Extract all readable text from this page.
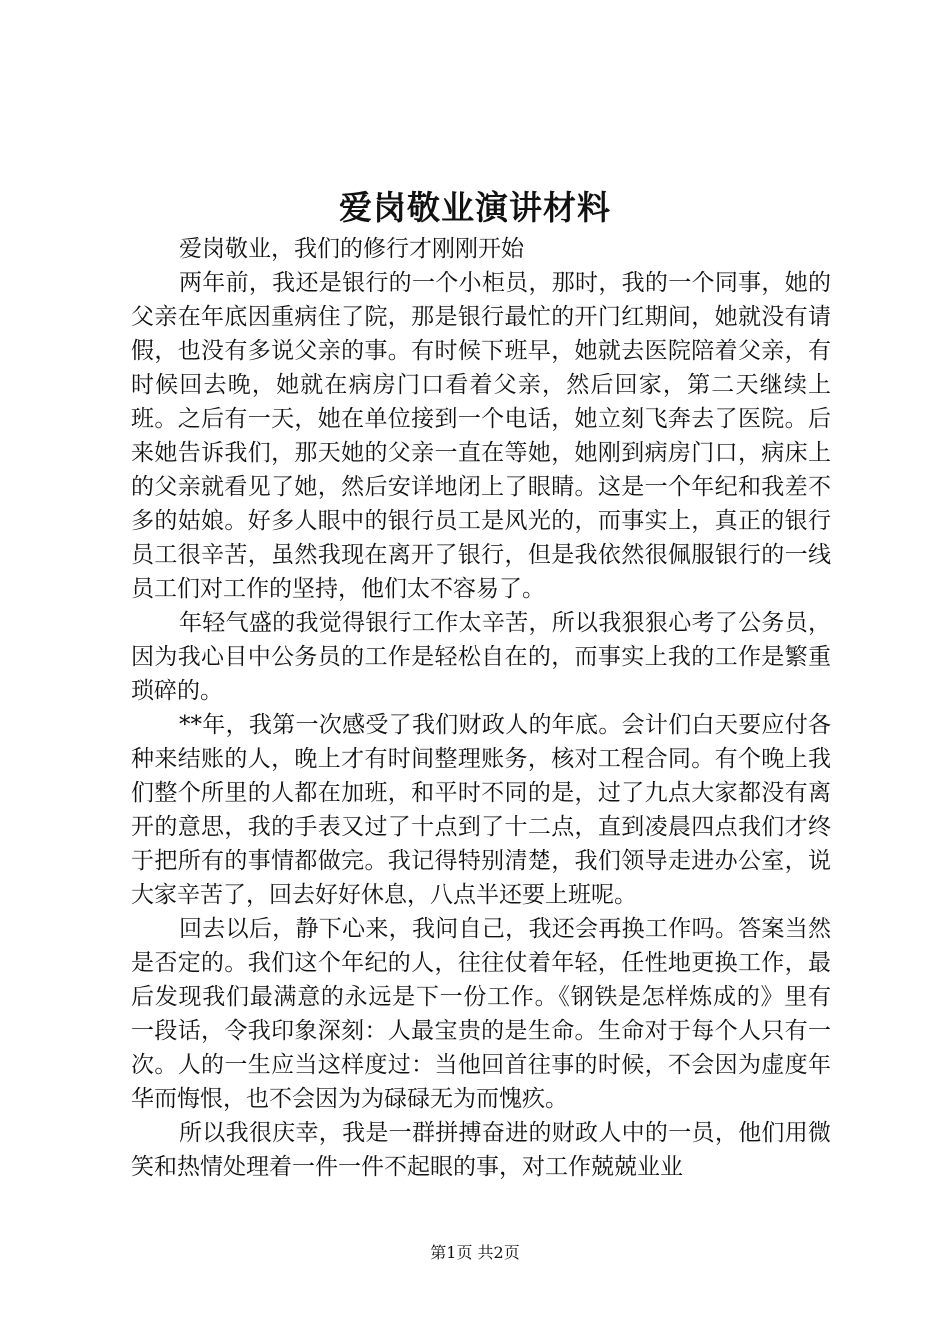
爱岗敬业演讲材料

爱岗敬业，我们的修行才刚刚开始

两年前，我还是银行的一个小柜员，那时，我的一个同事，她的父亲在年底因重病住了院，那是银行最忙的开门红期间，她就没有请假，也没有多说父亲的事。有时候下班早，她就去医院陪着父亲，有时候回去晚，她就在病房门口看着父亲，然后回家，第二天继续上班。之后有一天，她在单位接到一个电话，她立刻飞奔去了医院。后来她告诉我们，那天她的父亲一直在等她，她刚到病房门口，病床上的父亲就看见了她，然后安详地闭上了眼睛。这是一个年纪和我差不多的姑娘。好多人眼中的银行员工是风光的，而事实上，真正的银行员工很辛苦，虽然我现在离开了银行，但是我依然很佩服银行的一线员工们对工作的坚持，他们太不容易了。

年轻气盛的我觉得银行工作太辛苦，所以我狠狠心考了公务员，因为我心目中公务员的工作是轻松自在的，而事实上我的工作是繁重琐碎的。

**年，我第一次感受了我们财政人的年底。会计们白天要应付各种来结账的人，晚上才有时间整理账务，核对工程合同。有个晚上我们整个所里的人都在加班，和平时不同的是，过了九点大家都没有离开的意思，我的手表又过了十点到了十二点，直到凌晨四点我们才终于把所有的事情都做完。我记得特别清楚，我们领导走进办公室，说大家辛苦了，回去好好休息，八点半还要上班呢。

回去以后，静下心来，我问自己，我还会再换工作吗。答案当然是否定的。我们这个年纪的人，往往仗着年轻，任性地更换工作，最后发现我们最满意的永远是下一份工作。《钢铁是怎样炼成的》里有一段话，令我印象深刻：人最宝贵的是生命。生命对于每个人只有一次。人的一生应当这样度过：当他回首往事的时候，不会因为虚度年华而悔恨，也不会因为为碌碌无为而愧疚。

所以我很庆幸，我是一群拼搏奋进的财政人中的一员，他们用微笑和热情处理着一件一件不起眼的事，对工作兢兢业业

第1页 共2页
